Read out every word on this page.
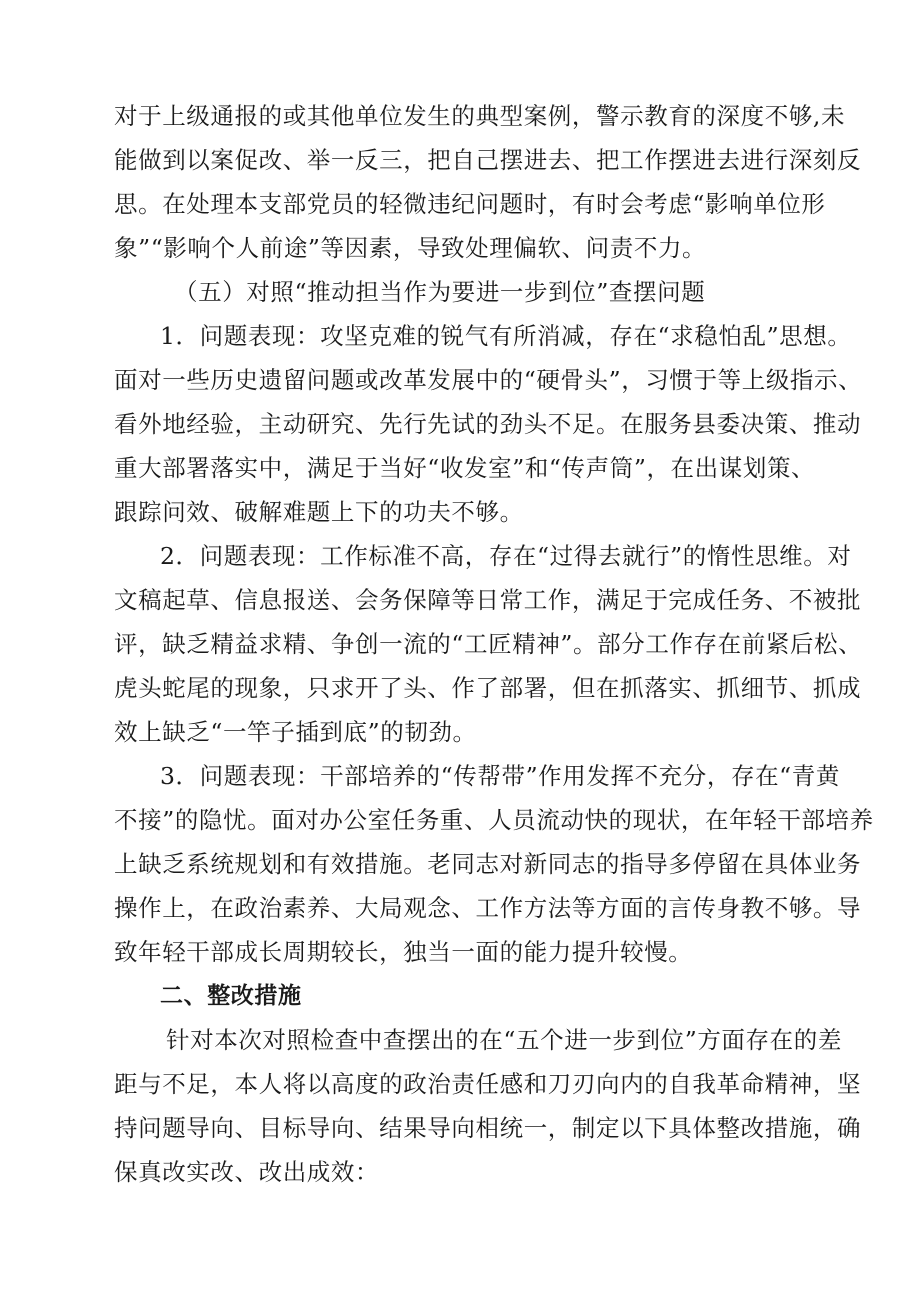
对于上级通报的或其他单位发生的典型案例，警示教育的深度不够,未
能做到以案促改、举一反三，把自己摆进去、把工作摆进去进行深刻反
思。在处理本支部党员的轻微违纪问题时，有时会考虑“影响单位形
象”“影响个人前途”等因素，导致处理偏软、问责不力。
（五）对照“推动担当作为要进一步到位”查摆问题
1．问题表现：攻坚克难的锐气有所消减，存在“求稳怕乱”思想。
面对一些历史遗留问题或改革发展中的“硬骨头”，习惯于等上级指示、
看外地经验，主动研究、先行先试的劲头不足。在服务县委决策、推动
重大部署落实中，满足于当好“收发室”和“传声筒”，在出谋划策、
跟踪问效、破解难题上下的功夫不够。
2．问题表现：工作标准不高，存在“过得去就行”的惰性思维。对
文稿起草、信息报送、会务保障等日常工作，满足于完成任务、不被批
评，缺乏精益求精、争创一流的“工匠精神”。部分工作存在前紧后松、
虎头蛇尾的现象，只求开了头、作了部署，但在抓落实、抓细节、抓成
效上缺乏“一竿子插到底”的韧劲。
3．问题表现：干部培养的“传帮带”作用发挥不充分，存在“青黄
不接”的隐忧。面对办公室任务重、人员流动快的现状，在年轻干部培养
上缺乏系统规划和有效措施。老同志对新同志的指导多停留在具体业务
操作上，在政治素养、大局观念、工作方法等方面的言传身教不够。导
致年轻干部成长周期较长，独当一面的能力提升较慢。
二、整改措施
针对本次对照检查中查摆出的在“五个进一步到位”方面存在的差
距与不足，本人将以高度的政治责任感和刀刃向内的自我革命精神，坚
持问题导向、目标导向、结果导向相统一，制定以下具体整改措施，确
保真改实改、改出成效：
